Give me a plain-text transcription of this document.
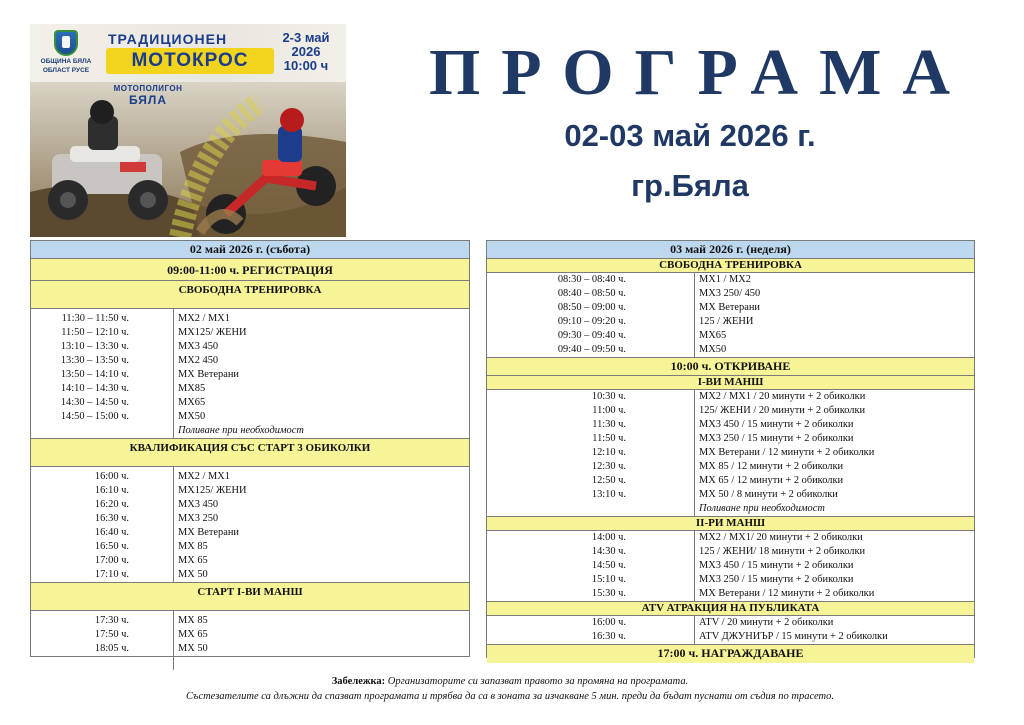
ОБЩИНА БЯЛА
ОБЛАСТ РУСЕ
ТРАДИЦИОНЕН
МОТОКРОС
2-3 май
2026
10:00 ч
МОТОПОЛИГОН
БЯЛА	ПРОГРАМА
02-03 май 2026 г.
гр.Бяла
02 май 2026 г. (събота)
09:00-11:00 ч. РЕГИСТРАЦИЯ
СВОБОДНА ТРЕНИРОВКА
11:30 – 11:50 ч.	MX2 / MX1
11:50 – 12:10 ч.	MX125/ ЖЕНИ
13:10 – 13:30 ч.	MX3 450
13:30 – 13:50 ч.	MX2 450
13:50 – 14:10 ч.	MX Ветерани
14:10 – 14:30 ч.	MX85
14:30 – 14:50 ч.	MX65
14:50 – 15:00 ч.	MX50
Поливане при необходимост
КВАЛИФИКАЦИЯ СЪС СТАРТ 3 ОБИКОЛКИ
16:00 ч.	MX2 / MX1
16:10 ч.	MX125/ ЖЕНИ
16:20 ч.	MX3 450
16:30 ч.	MX3 250
16:40 ч.	MX Ветерани
16:50 ч.	MX 85
17:00 ч.	MX 65
17:10 ч.	MX 50
СТАРТ I-ВИ МАНШ
17:30 ч.	MX 85
17:50 ч.	MX 65
18:05 ч.	MX 50
03 май 2026 г. (неделя)
СВОБОДНА ТРЕНИРОВКА
08:30 – 08:40 ч.	MX1 / MX2
08:40 – 08:50 ч.	MX3 250/ 450
08:50 – 09:00 ч.	MX Ветерани
09:10 – 09:20 ч.	125 / ЖЕНИ
09:30 – 09:40 ч.	MX65
09:40 – 09:50 ч.	MX50
10:00 ч. ОТКРИВАНЕ
I-ВИ МАНШ
10:30 ч.	MX2 / MX1 / 20 минути + 2 обиколки
11:00 ч.	125/ ЖЕНИ / 20 минути + 2 обиколки
11:30 ч.	MX3 450 / 15 минути + 2 обиколки
11:50 ч.	MX3 250 / 15 минути + 2 обиколки
12:10 ч.	MX Ветерани / 12 минути + 2 обиколки
12:30 ч.	MX 85 / 12 минути + 2 обиколки
12:50 ч.	MX 65 / 12 минути + 2 обиколки
13:10 ч.	MX 50 / 8 минути + 2 обиколки
Поливане при необходимост
II-РИ МАНШ
14:00 ч.	MX2 / MX1/ 20 минути + 2 обиколки
14:30 ч.	125 / ЖЕНИ/ 18 минути + 2 обиколки
14:50 ч.	MX3 450 / 15 минути + 2 обиколки
15:10 ч.	MX3 250 / 15 минути + 2 обиколки
15:30 ч.	MX Ветерани / 12 минути + 2 обиколки
ATV АТРАКЦИЯ НА ПУБЛИКАТА
16:00 ч.	ATV / 20 минути + 2 обиколки
16:30 ч.	ATV ДЖУНИЪР / 15 минути + 2 обиколки
17:00 ч. НАГРАЖДАВАНЕ
Забележка: Организаторите си запазват правото за промяна на програмата.
Състезателите са длъжни да спазват програмата и трябва да са в зоната за изчакване 5 мин. преди да бъдат пуснати от съдия по трасето.
